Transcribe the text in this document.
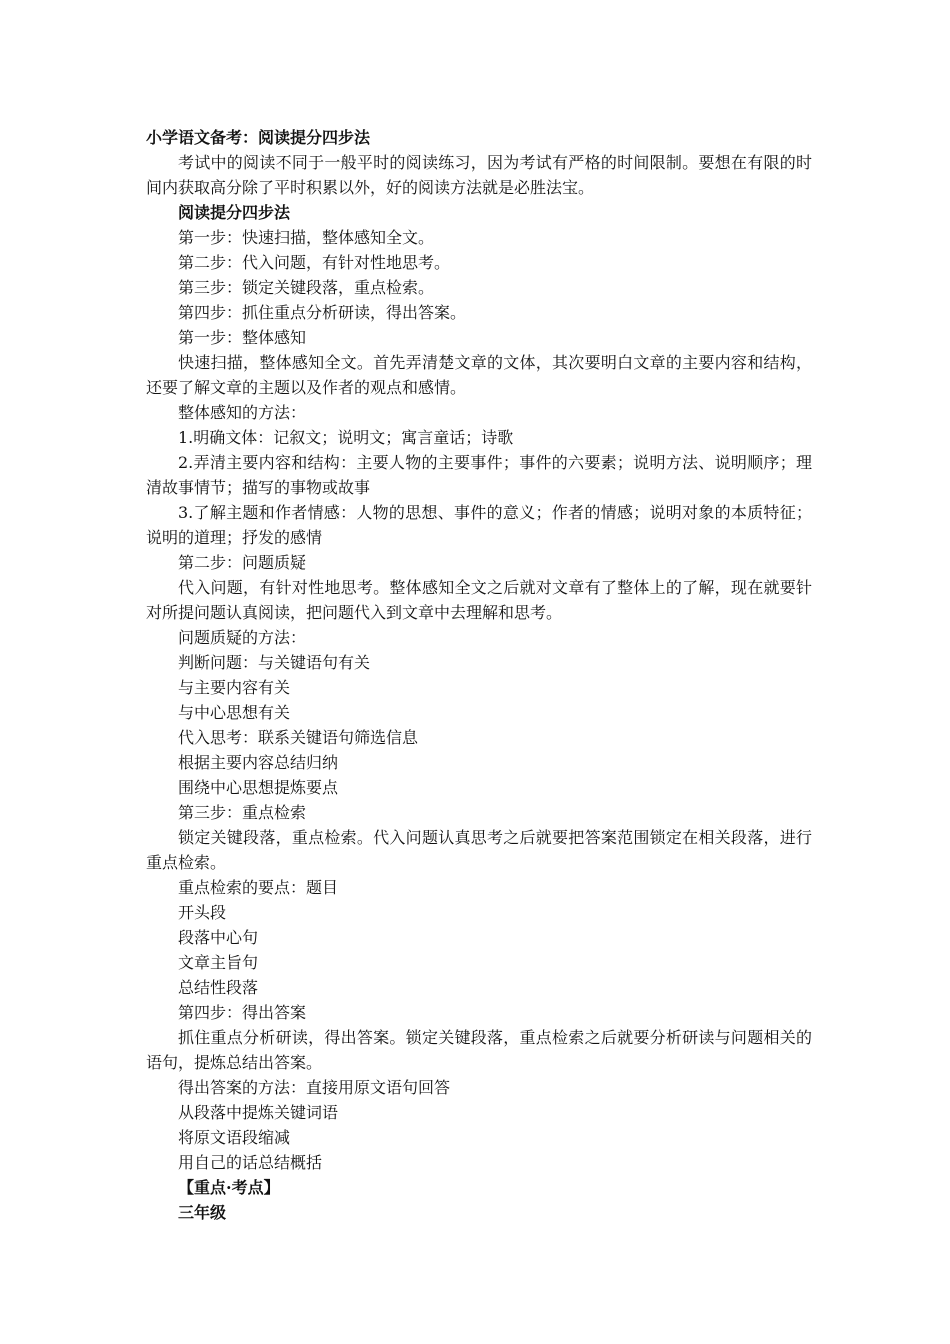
小学语文备考：阅读提分四步法

考试中的阅读不同于一般平时的阅读练习，因为考试有严格的时间限制。要想在有限的时间内获取高分除了平时积累以外，好的阅读方法就是必胜法宝。

阅读提分四步法

第一步：快速扫描，整体感知全文。

第二步：代入问题，有针对性地思考。

第三步：锁定关键段落，重点检索。

第四步：抓住重点分析研读，得出答案。

第一步：整体感知

快速扫描，整体感知全文。首先弄清楚文章的文体，其次要明白文章的主要内容和结构，还要了解文章的主题以及作者的观点和感情。

整体感知的方法：

1.明确文体：记叙文；说明文；寓言童话；诗歌

2.弄清主要内容和结构：主要人物的主要事件；事件的六要素；说明方法、说明顺序；理清故事情节；描写的事物或故事

3.了解主题和作者情感：人物的思想、事件的意义；作者的情感；说明对象的本质特征；说明的道理；抒发的感情

第二步：问题质疑

代入问题，有针对性地思考。整体感知全文之后就对文章有了整体上的了解，现在就要针对所提问题认真阅读，把问题代入到文章中去理解和思考。

问题质疑的方法：

判断问题：与关键语句有关

与主要内容有关

与中心思想有关

代入思考：联系关键语句筛选信息

根据主要内容总结归纳

围绕中心思想提炼要点

第三步：重点检索

锁定关键段落，重点检索。代入问题认真思考之后就要把答案范围锁定在相关段落，进行重点检索。

重点检索的要点：题目

开头段

段落中心句

文章主旨句

总结性段落

第四步：得出答案

抓住重点分析研读，得出答案。锁定关键段落，重点检索之后就要分析研读与问题相关的语句，提炼总结出答案。

得出答案的方法：直接用原文语句回答

从段落中提炼关键词语

将原文语段缩减

用自己的话总结概括

【重点·考点】

三年级
